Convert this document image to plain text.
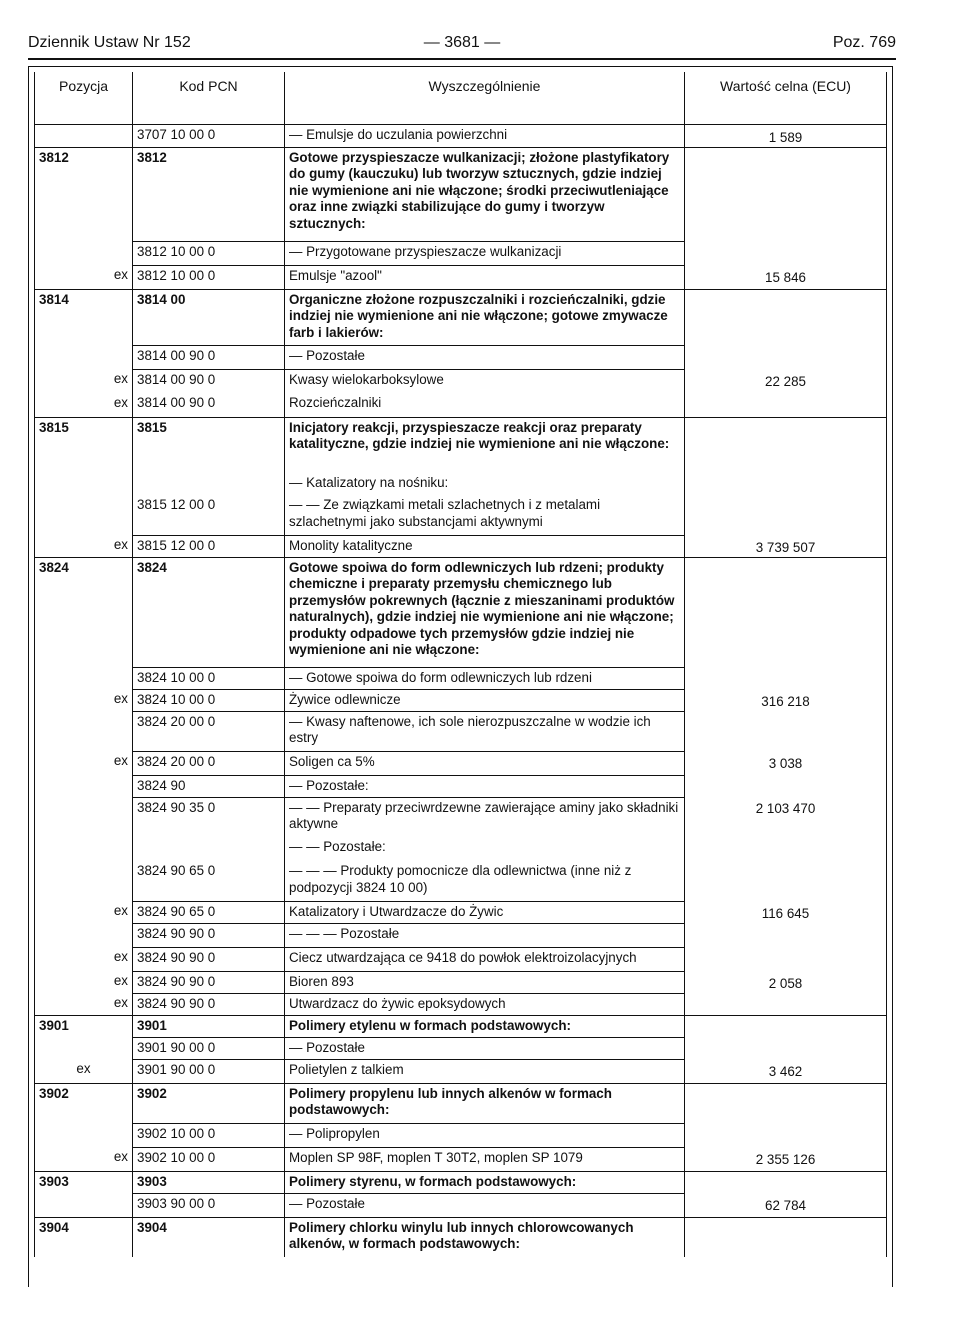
Dziennik Ustaw Nr 152	— 3681 —	Poz. 769
Pozycja	Kod PCN	Wyszczególnienie	Wartość celna (ECU)

	3707 10 00 0	— Emulsje do uczulania powierzchni	1 589

3812	3812	Gotowe przyspieszacze wulkanizacji; złożone plastyfikatory do gumy (kauczuku) lub tworzyw sztucznych, gdzie indziej nie wymienione ani nie włączone; środki przeciwutleniające oraz inne związki stabilizujące do gumy i tworzyw sztucznych:	

	3812 10 00 0	— Przygotowane przyspieszacze wulkanizacji	

ex	3812 10 00 0	Emulsje "azool"	15 846

3814	3814 00	Organiczne złożone rozpuszczalniki i rozcieńczalniki, gdzie indziej nie wymienione ani nie włączone; gotowe zmywacze farb i lakierów:	

	3814 00 90 0	— Pozostałe	

ex	3814 00 90 0	Kwasy wielokarboksylowe	22 285

ex	3814 00 90 0	Rozcieńczalniki	

3815	3815	Inicjatory reakcji, przyspieszacze reakcji oraz preparaty katalityczne, gdzie indziej nie wymienione ani nie włączone:	

		— Katalizatory na nośniku:	

	3815 12 00 0	— — Ze związkami metali szlachetnych i z metalami szlachetnymi jako substancjami aktywnymi	

ex	3815 12 00 0	Monolity katalityczne	3 739 507

3824	3824	Gotowe spoiwa do form odlewniczych lub rdzeni; produkty chemiczne i preparaty przemysłu chemicznego lub przemysłów pokrewnych (łącznie z mieszaninami produktów naturalnych), gdzie indziej nie wymienione ani nie włączone; produkty odpadowe tych przemysłów gdzie indziej nie wymienione ani nie włączone:	

	3824 10 00 0	— Gotowe spoiwa do form odlewniczych lub rdzeni	

ex	3824 10 00 0	Żywice odlewnicze	316 218

	3824 20 00 0	— Kwasy naftenowe, ich sole nierozpuszczalne w wodzie ich estry	

ex	3824 20 00 0	Soligen ca 5%	3 038

	3824 90	— Pozostałe:	

	3824 90 35 0	— — Preparaty przeciwrdzewne zawierające aminy jako składniki aktywne	2 103 470

		— — Pozostałe:	

	3824 90 65 0	— — — Produkty pomocnicze dla odlewnictwa (inne niż z podpozycji 3824 10 00)	

ex	3824 90 65 0	Katalizatory i Utwardzacze do Żywic	116 645

	3824 90 90 0	— — — Pozostałe	

ex	3824 90 90 0	Ciecz utwardzająca ce 9418 do powłok elektroizolacyjnych	

ex	3824 90 90 0	Bioren 893	2 058

ex	3824 90 90 0	Utwardzacz do żywic epoksydowych	

3901	3901	Polimery etylenu w formach podstawowych:	

	3901 90 00 0	— Pozostałe	

ex	3901 90 00 0	Polietylen z talkiem	3 462

3902	3902	Polimery propylenu lub innych alkenów w formach podstawowych:	

	3902 10 00 0	— Polipropylen	

ex	3902 10 00 0	Moplen SP 98F, moplen T 30T2, moplen SP 1079	2 355 126

3903	3903	Polimery styrenu, w formach podstawowych:	

	3903 90 00 0	— Pozostałe	62 784

3904	3904	Polimery chlorku winylu lub innych chlorowcowanych alkenów, w formach podstawowych:	
